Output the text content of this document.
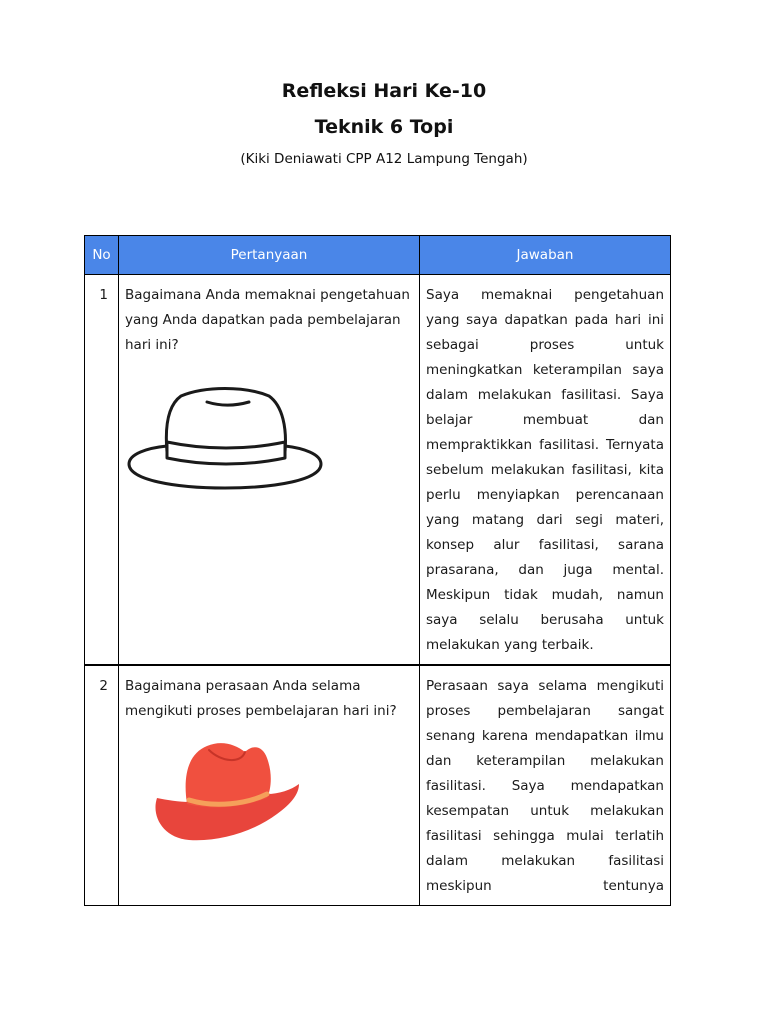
Refleksi Hari Ke-10
Teknik 6 Topi
(Kiki Deniawati CPP A12 Lampung Tengah)
No	Pertanyaan	Jawaban
1	Bagaimana Anda memaknai pengetahuan yang Anda dapatkan pada pembelajaran hari ini?	Saya memaknai pengetahuan yang saya dapatkan pada hari ini sebagai proses untuk meningkatkan keterampilan saya dalam melakukan fasilitasi. Saya belajar membuat dan mempraktikkan fasilitasi. Ternyata sebelum melakukan fasilitasi, kita perlu menyiapkan perencanaan yang matang dari segi materi, konsep alur fasilitasi, sarana prasarana, dan juga mental. Meskipun tidak mudah, namun saya selalu berusaha untuk melakukan yang terbaik.
2	Bagaimana perasaan Anda selama mengikuti proses pembelajaran hari ini?	Perasaan saya selama mengikuti proses pembelajaran sangat senang karena mendapatkan ilmu dan keterampilan melakukan fasilitasi. Saya mendapatkan kesempatan untuk melakukan fasilitasi sehingga mulai terlatih dalam melakukan fasilitasi meskipun tentunya
